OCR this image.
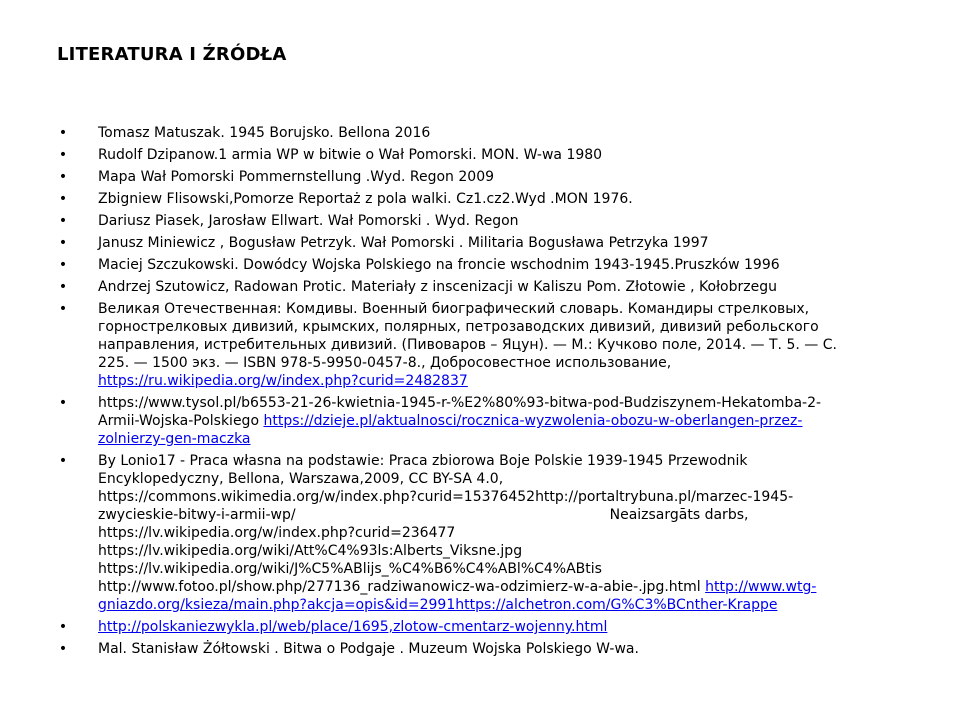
LITERATURA I ŹRÓDŁA
• Tomasz Matuszak. 1945 Borujsko. Bellona 2016
• Rudolf Dzipanow.1 armia WP w bitwie o Wał Pomorski. MON. W-wa 1980
• Mapa Wał Pomorski Pommernstellung .Wyd. Regon 2009
• Zbigniew Flisowski,Pomorze Reportaż z pola walki. Cz1.cz2.Wyd .MON 1976.
• Dariusz Piasek, Jarosław Ellwart. Wał Pomorski . Wyd. Regon
• Janusz Miniewicz , Bogusław Petrzyk. Wał Pomorski . Militaria Bogusława Petrzyka 1997
• Maciej Szczukowski. Dowódcy Wojska Polskiego na froncie wschodnim 1943-1945.Pruszków 1996
• Andrzej Szutowicz, Radowan Protic. Materiały z inscenizacji w Kaliszu Pom. Złotowie , Kołobrzegu
• Великая Отечественная: Комдивы. Военный биографический словарь. Командиры стрелковых,
горнострелковых дивизий, крымских, полярных, петрозаводских дивизий, дивизий ребольского
направления, истребительных дивизий. (Пивоваров – Яцун). — М.: Кучково поле, 2014. — Т. 5. — С.
225. — 1500 экз. — ISBN 978-5-9950-0457-8., Добросовестное использование,
https://ru.wikipedia.org/w/index.php?curid=2482837
• https://www.tysol.pl/b6553-21-26-kwietnia-1945-r-%E2%80%93-bitwa-pod-Budziszynem-Hekatomba-2-
Armii-Wojska-Polskiego https://dzieje.pl/aktualnosci/rocznica-wyzwolenia-obozu-w-oberlangen-przez-
zolnierzy-gen-maczka
• By Lonio17 - Praca własna na podstawie: Praca zbiorowa Boje Polskie 1939-1945 Przewodnik
Encyklopedyczny, Bellona, Warszawa,2009, CC BY-SA 4.0,
https://commons.wikimedia.org/w/index.php?curid=15376452http://portaltrybuna.pl/marzec-1945-
zwycieskie-bitwy-i-armii-wp/	Neaizsargāts darbs,
https://lv.wikipedia.org/w/index.php?curid=236477
https://lv.wikipedia.org/wiki/Att%C4%93ls:Alberts_Viksne.jpg
https://lv.wikipedia.org/wiki/J%C5%ABlijs_%C4%B6%C4%ABl%C4%ABtis
http://www.fotoo.pl/show.php/277136_radziwanowicz-wa-odzimierz-w-a-abie-.jpg.html http://www.wtg-
gniazdo.org/ksieza/main.php?akcja=opis&id=2991https://alchetron.com/G%C3%BCnther-Krappe
• http://polskaniezwykla.pl/web/place/1695,zlotow-cmentarz-wojenny.html
• Mal. Stanisław Żółtowski . Bitwa o Podgaje . Muzeum Wojska Polskiego W-wa.
